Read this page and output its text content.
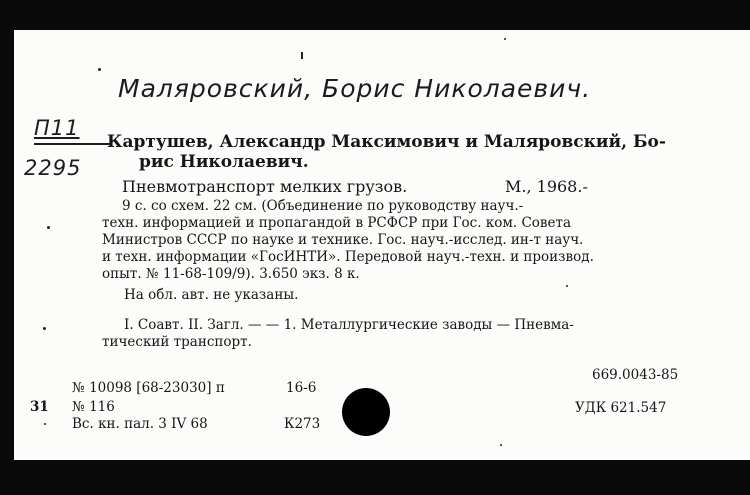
Маляровский, Борис Николаевич.
П11
2295
Картушев, Александр Максимович и Маляровский, Бо-
рис Николаевич.
Пневмотранспорт мелких грузов.	М., 1968.-
9 с. со схем. 22 см. (Объединение по руководству науч.-
техн. информацией и пропагандой в РСФСР при Гос. ком. Совета
Министров СССР по науке и технике. Гос. науч.-исслед. ин-т науч.
и техн. информации «ГосИНТИ». Передовой науч.-техн. и производ.
опыт. № 11-68-109/9). 3.650 экз. 8 к.
На обл. авт. не указаны.
I. Соавт. II. Загл. — — 1. Металлургические заводы — Пневма-
тический транспорт.
669.0043-85
№ 10098 [68-23030] п	16-6
31 № 116
Вс. кн. пал. 3 IV 68	К273
УДК 621.547
